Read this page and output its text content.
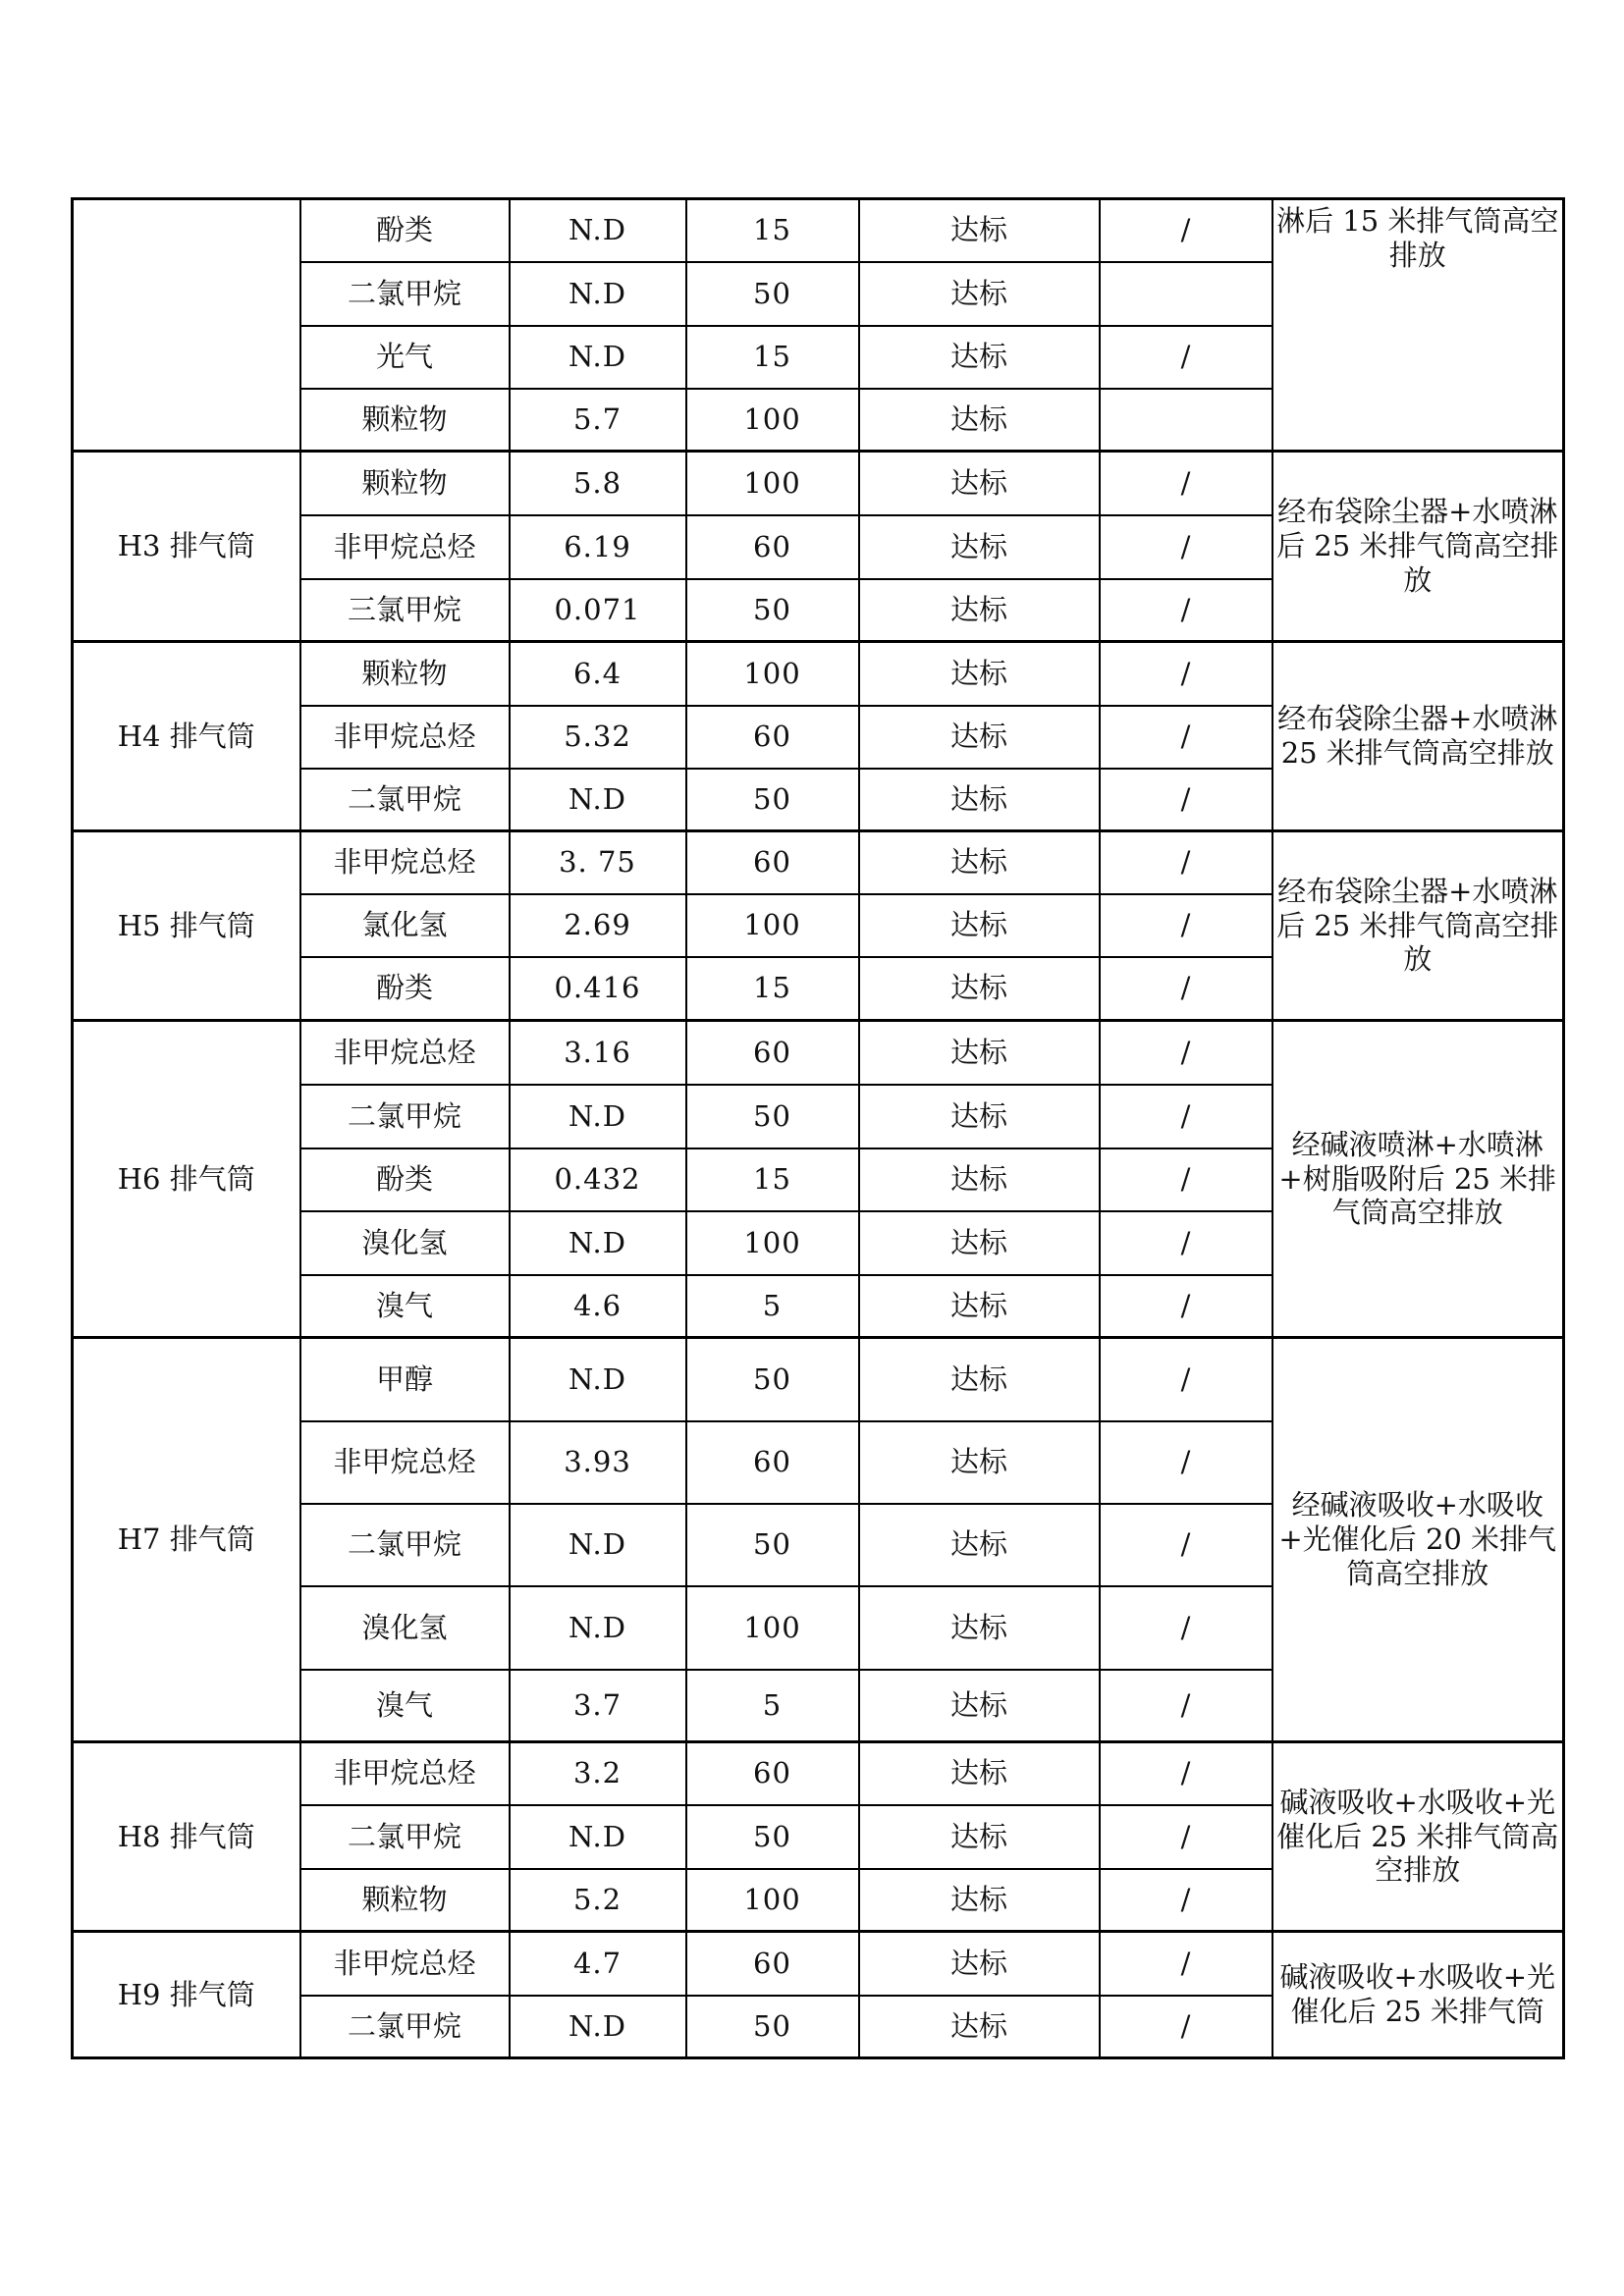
	酚类	N.D	15	达标	/	淋后 15 米排气筒高空排放
	二氯甲烷	N.D	50	达标		
	光气	N.D	15	达标	/	
	颗粒物	5.7	100	达标		
H3 排气筒	颗粒物	5.8	100	达标	/	经布袋除尘器+水喷淋后 25 米排气筒高空排放
	非甲烷总烃	6.19	60	达标	/	
	三氯甲烷	0.071	50	达标	/	
H4 排气筒	颗粒物	6.4	100	达标	/	经布袋除尘器+水喷淋 25 米排气筒高空排放
	非甲烷总烃	5.32	60	达标	/	
	二氯甲烷	N.D	50	达标	/	
H5 排气筒	非甲烷总烃	3. 75	60	达标	/	经布袋除尘器+水喷淋后 25 米排气筒高空排放
	氯化氢	2.69	100	达标	/	
	酚类	0.416	15	达标	/	
H6 排气筒	非甲烷总烃	3.16	60	达标	/	经碱液喷淋+水喷淋+树脂吸附后 25 米排气筒高空排放
	二氯甲烷	N.D	50	达标	/	
	酚类	0.432	15	达标	/	
	溴化氢	N.D	100	达标	/	
	溴气	4.6	5	达标	/	
H7 排气筒	甲醇	N.D	50	达标	/	经碱液吸收+水吸收+光催化后 20 米排气筒高空排放
	非甲烷总烃	3.93	60	达标	/	
	二氯甲烷	N.D	50	达标	/	
	溴化氢	N.D	100	达标	/	
	溴气	3.7	5	达标	/	
H8 排气筒	非甲烷总烃	3.2	60	达标	/	碱液吸收+水吸收+光催化后 25 米排气筒高空排放
	二氯甲烷	N.D	50	达标	/	
	颗粒物	5.2	100	达标	/	
H9 排气筒	非甲烷总烃	4.7	60	达标	/	碱液吸收+水吸收+光催化后 25 米排气筒
	二氯甲烷	N.D	50	达标	/	
